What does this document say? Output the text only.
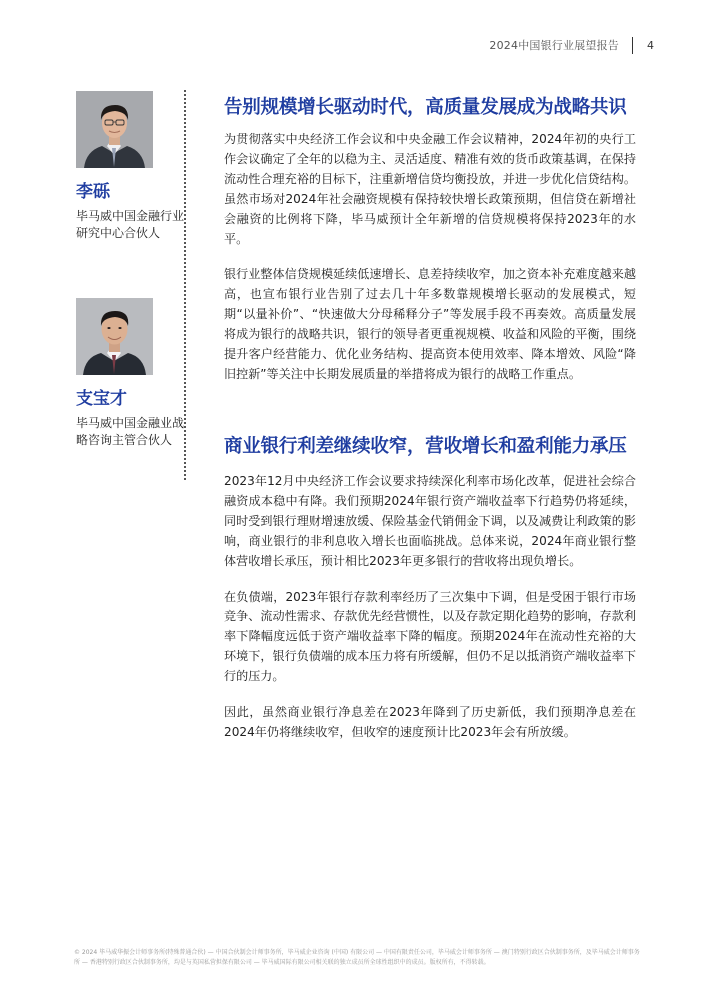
2024中国银行业展望报告	4
李砾
毕马威中国金融行业研究中心合伙人
支宝才
毕马威中国金融业战略咨询主管合伙人
告别规模增长驱动时代，高质量发展成为战略共识

为贯彻落实中央经济工作会议和中央金融工作会议精神，2024年初的央行工作会议确定了全年的以稳为主、灵活适度、精准有效的货币政策基调，在保持流动性合理充裕的目标下，注重新增信贷均衡投放，并进一步优化信贷结构。虽然市场对2024年社会融资规模有保持较快增长政策预期，但信贷在新增社会融资的比例将下降，毕马威预计全年新增的信贷规模将保持2023年的水平。

银行业整体信贷规模延续低速增长、息差持续收窄，加之资本补充难度越来越高，也宣布银行业告别了过去几十年多数靠规模增长驱动的发展模式，短期“以量补价”、“快速做大分母稀释分子”等发展手段不再奏效。高质量发展将成为银行的战略共识，银行的领导者更重视规模、收益和风险的平衡，围绕提升客户经营能力、优化业务结构、提高资本使用效率、降本增效、风险“降旧控新”等关注中长期发展质量的举措将成为银行的战略工作重点。

商业银行利差继续收窄，营收增长和盈利能力承压

2023年12月中央经济工作会议要求持续深化利率市场化改革，促进社会综合融资成本稳中有降。我们预期2024年银行资产端收益率下行趋势仍将延续，同时受到银行理财增速放缓、保险基金代销佣金下调，以及减费让利政策的影响，商业银行的非利息收入增长也面临挑战。总体来说，2024年商业银行整体营收增长承压，预计相比2023年更多银行的营收将出现负增长。

在负债端，2023年银行存款利率经历了三次集中下调，但是受困于银行市场竞争、流动性需求、存款优先经营惯性，以及存款定期化趋势的影响，存款利率下降幅度远低于资产端收益率下降的幅度。预期2024年在流动性充裕的大环境下，银行负债端的成本压力将有所缓解，但仍不足以抵消资产端收益率下行的压力。

因此，虽然商业银行净息差在2023年降到了历史新低，我们预期净息差在2024年仍将继续收窄，但收窄的速度预计比2023年会有所放缓。

© 2024 毕马威华振会计师事务所(特殊普通合伙) — 中国合伙制会计师事务所，毕马威企业咨询 (中国) 有限公司 — 中国有限责任公司，毕马威会计师事务所 — 澳门特别行政区合伙制事务所，及毕马威会计师事务所 — 香港特别行政区合伙制事务所，均是与英国私营担保有限公司 — 毕马威国际有限公司相关联的独立成员所全球性组织中的成员。版权所有，不得转载。
